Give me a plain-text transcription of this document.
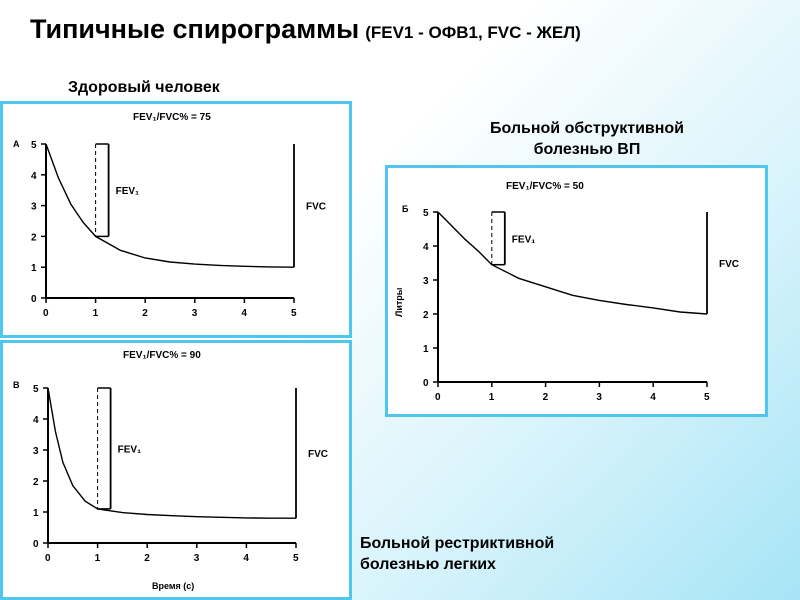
Типичные спирограммы (FEV1 - ОФВ1, FVC - ЖЕЛ)
Здоровый человек
Больной обструктивной болезнью ВП
Больной рестриктивной болезнью легких
FEV₁/FVC% = 75
А
0
1
2
3
4
5
0	1	2	3	4	5
FVC
FEV₁	FEV₁/FVC% = 50
Б
0
1
2
3
4
5
0	1	2	3	4	5
Литры
FVC
FEV₁
FEV₁/FVC% = 90
В
0
1
2
3
4
5
0	1	2	3	4	5
Время (с)
FVC
FEV₁
